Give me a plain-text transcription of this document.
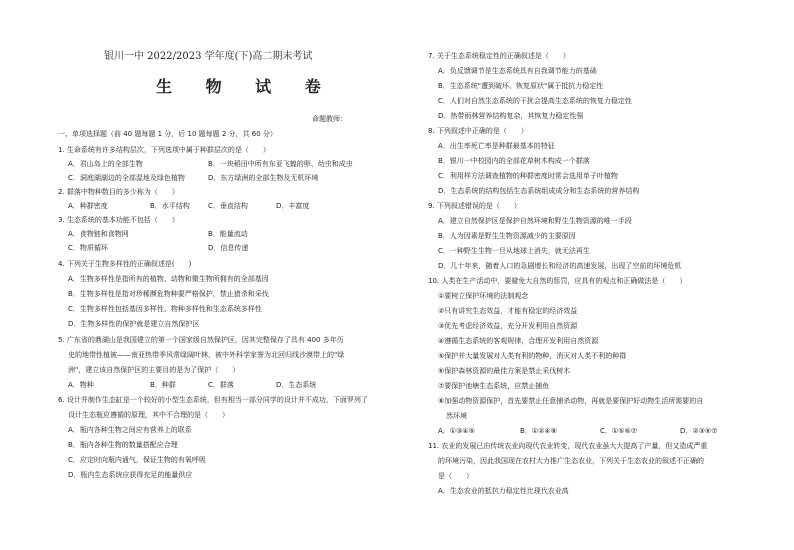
银川一中 2022/2023 学年度(下)高二期末考试
生 物 试 卷
命题教师：
一、单项选择题（前 40 题每题 1 分，后 10 题每题 2 分，共 60 分）
1. 生命系统有许多结构层次，下列选项中属于种群层次的是（　　）
A．君山岛上的全部生物	B．一块稻田中所有东亚飞蝗的卵、幼虫和成虫
C．洞庭湖湖边的全部湿地及绿色植物	D．东方绿洲的全部生物及无机环境
2. 群落中物种数目的多少称为（　　）
A．种群密度	B．水平结构	C．垂直结构	D．丰富度
3. 生态系统的基本功能不包括（　　）
A．食物链和食物网	B．能量流动
C．物质循环	D．信息传递
4. 下列关于生物多样性的正确叙述是(　　)
A．生物多样性是指所有的植物、动物和微生物所拥有的全部基因
B．生物多样性是指对珍稀濒危物种要严格保护，禁止猎杀和采伐
C．生物多样性包括基因多样性、物种多样性和生态系统多样性
D．生物多样性的保护就是建立自然保护区
5. 广东省的鼎湖山是我国建立的第一个国家级自然保护区，因其完整保存了具有 400 多年历
史的地带性植被——南亚热带季风常绿阔叶林，被中外科学家誉为北回归线沙漠带上的"绿
洲"，建立该自然保护区的主要目的是为了保护（　　）
A．物种	B．种群	C．群落	D．生态系统
6. 设计并制作生态缸是一个较好的小型生态系统，但有相当一部分同学的设计并不成功，下面罗列了
设计生态瓶应遵循的原理，其中不合理的是（　　）
A．瓶内各种生物之间应有营养上的联系
B．瓶内各种生物的数量搭配应合理
C．应定时向瓶内通气，保证生物的有氧呼吸
D．瓶内生态系统应获得充足的能量供应
7. 关于生态系统稳定性的正确叙述是（　　）
A．负反馈调节是生态系统具有自我调节能力的基础
B．生态系统"遭到破坏、恢复原状"属于抵抗力稳定性
C．人们对自然生态系统的干扰会提高生态系统的恢复力稳定性
D．热带雨林营养结构复杂，其恢复力稳定性强
8. 下列叙述中正确的是（　　）
A．出生率死亡率是种群最基本的特征
B．银川一中校园内的全部花草树木构成一个群落
C．利用样方法调查植物的种群密度时常会选用单子叶植物
D．生态系统的结构包括生态系统组成成分和生态系统的营养结构
9. 下列叙述错误的是（　　）
A．建立自然保护区是保护自然环境和野生生物资源的唯一手段
B．人为因素是野生生物资源减少的主要原因
C．一种野生生物一旦从地球上消失，就无法再生
D．几十年来，随着人口的急剧增长和经济的高速发展，出现了空前的环境危机
10. 人类在生产活动中，要避免大自然的惩罚，应具有的观点和正确做法是（　　）
①要树立保护环境的法制观念
②只有讲究生态效益，才能有稳定的经济效益
③优先考虑经济效益，充分开发利用自然资源
④遵循生态系统的客观规律，合理开发利用自然资源
⑤保护并大量发展对人类有利的物种，消灭对人类不利的种群
⑥保护森林资源的最佳方案是禁止采伐树木
⑦要保护池塘生态系统，应禁止捕鱼
⑧加强动物资源保护，首先要禁止任意捕杀动物，再就是要保护好动物生活所需要的自
然环境
A．①③④⑤	B．①②④⑧	C．①⑤⑥⑦	D．②③⑥⑦
11. 农业的发展已由传统农业向现代农业转变，现代农业虽大大提高了产量，但又造成严重
的环境污染，因此我国现在农村大力推广生态农业，下列关于生态农业的叙述不正确的
是（　　）
A．生态农业的抵抗力稳定性比现代农业高
